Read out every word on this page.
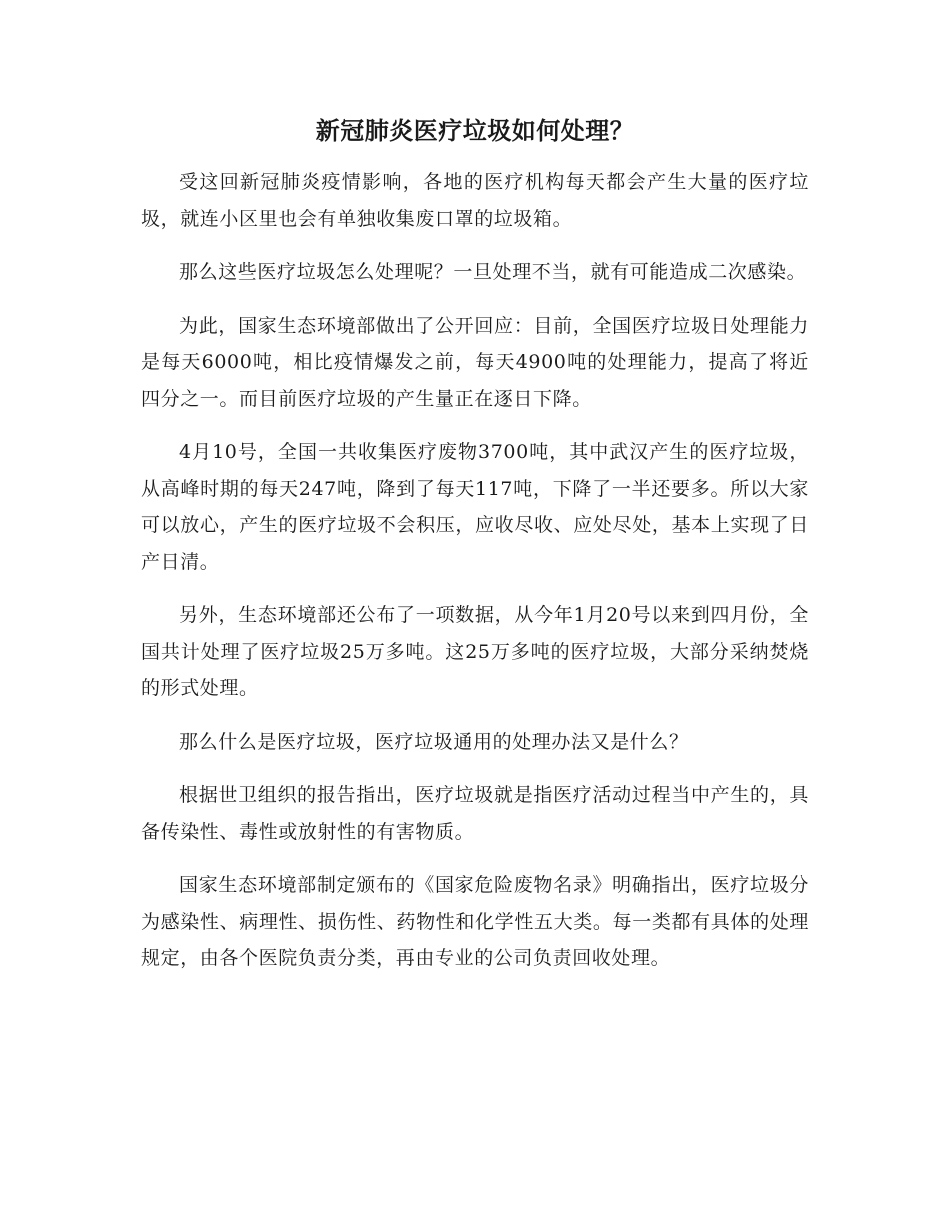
新冠肺炎医疗垃圾如何处理？

受这回新冠肺炎疫情影响，各地的医疗机构每天都会产生大量的医疗垃圾，就连小区里也会有单独收集废口罩的垃圾箱。

那么这些医疗垃圾怎么处理呢？一旦处理不当，就有可能造成二次感染。

为此，国家生态环境部做出了公开回应：目前，全国医疗垃圾日处理能力是每天6000吨，相比疫情爆发之前，每天4900吨的处理能力，提高了将近四分之一。而目前医疗垃圾的产生量正在逐日下降。

4月10号，全国一共收集医疗废物3700吨，其中武汉产生的医疗垃圾，从高峰时期的每天247吨，降到了每天117吨，下降了一半还要多。所以大家可以放心，产生的医疗垃圾不会积压，应收尽收、应处尽处，基本上实现了日产日清。

另外，生态环境部还公布了一项数据，从今年1月20号以来到四月份，全国共计处理了医疗垃圾25万多吨。这25万多吨的医疗垃圾，大部分采纳焚烧的形式处理。

那么什么是医疗垃圾，医疗垃圾通用的处理办法又是什么？

根据世卫组织的报告指出，医疗垃圾就是指医疗活动过程当中产生的，具备传染性、毒性或放射性的有害物质。

国家生态环境部制定颁布的《国家危险废物名录》明确指出，医疗垃圾分为感染性、病理性、损伤性、药物性和化学性五大类。每一类都有具体的处理规定，由各个医院负责分类，再由专业的公司负责回收处理。
